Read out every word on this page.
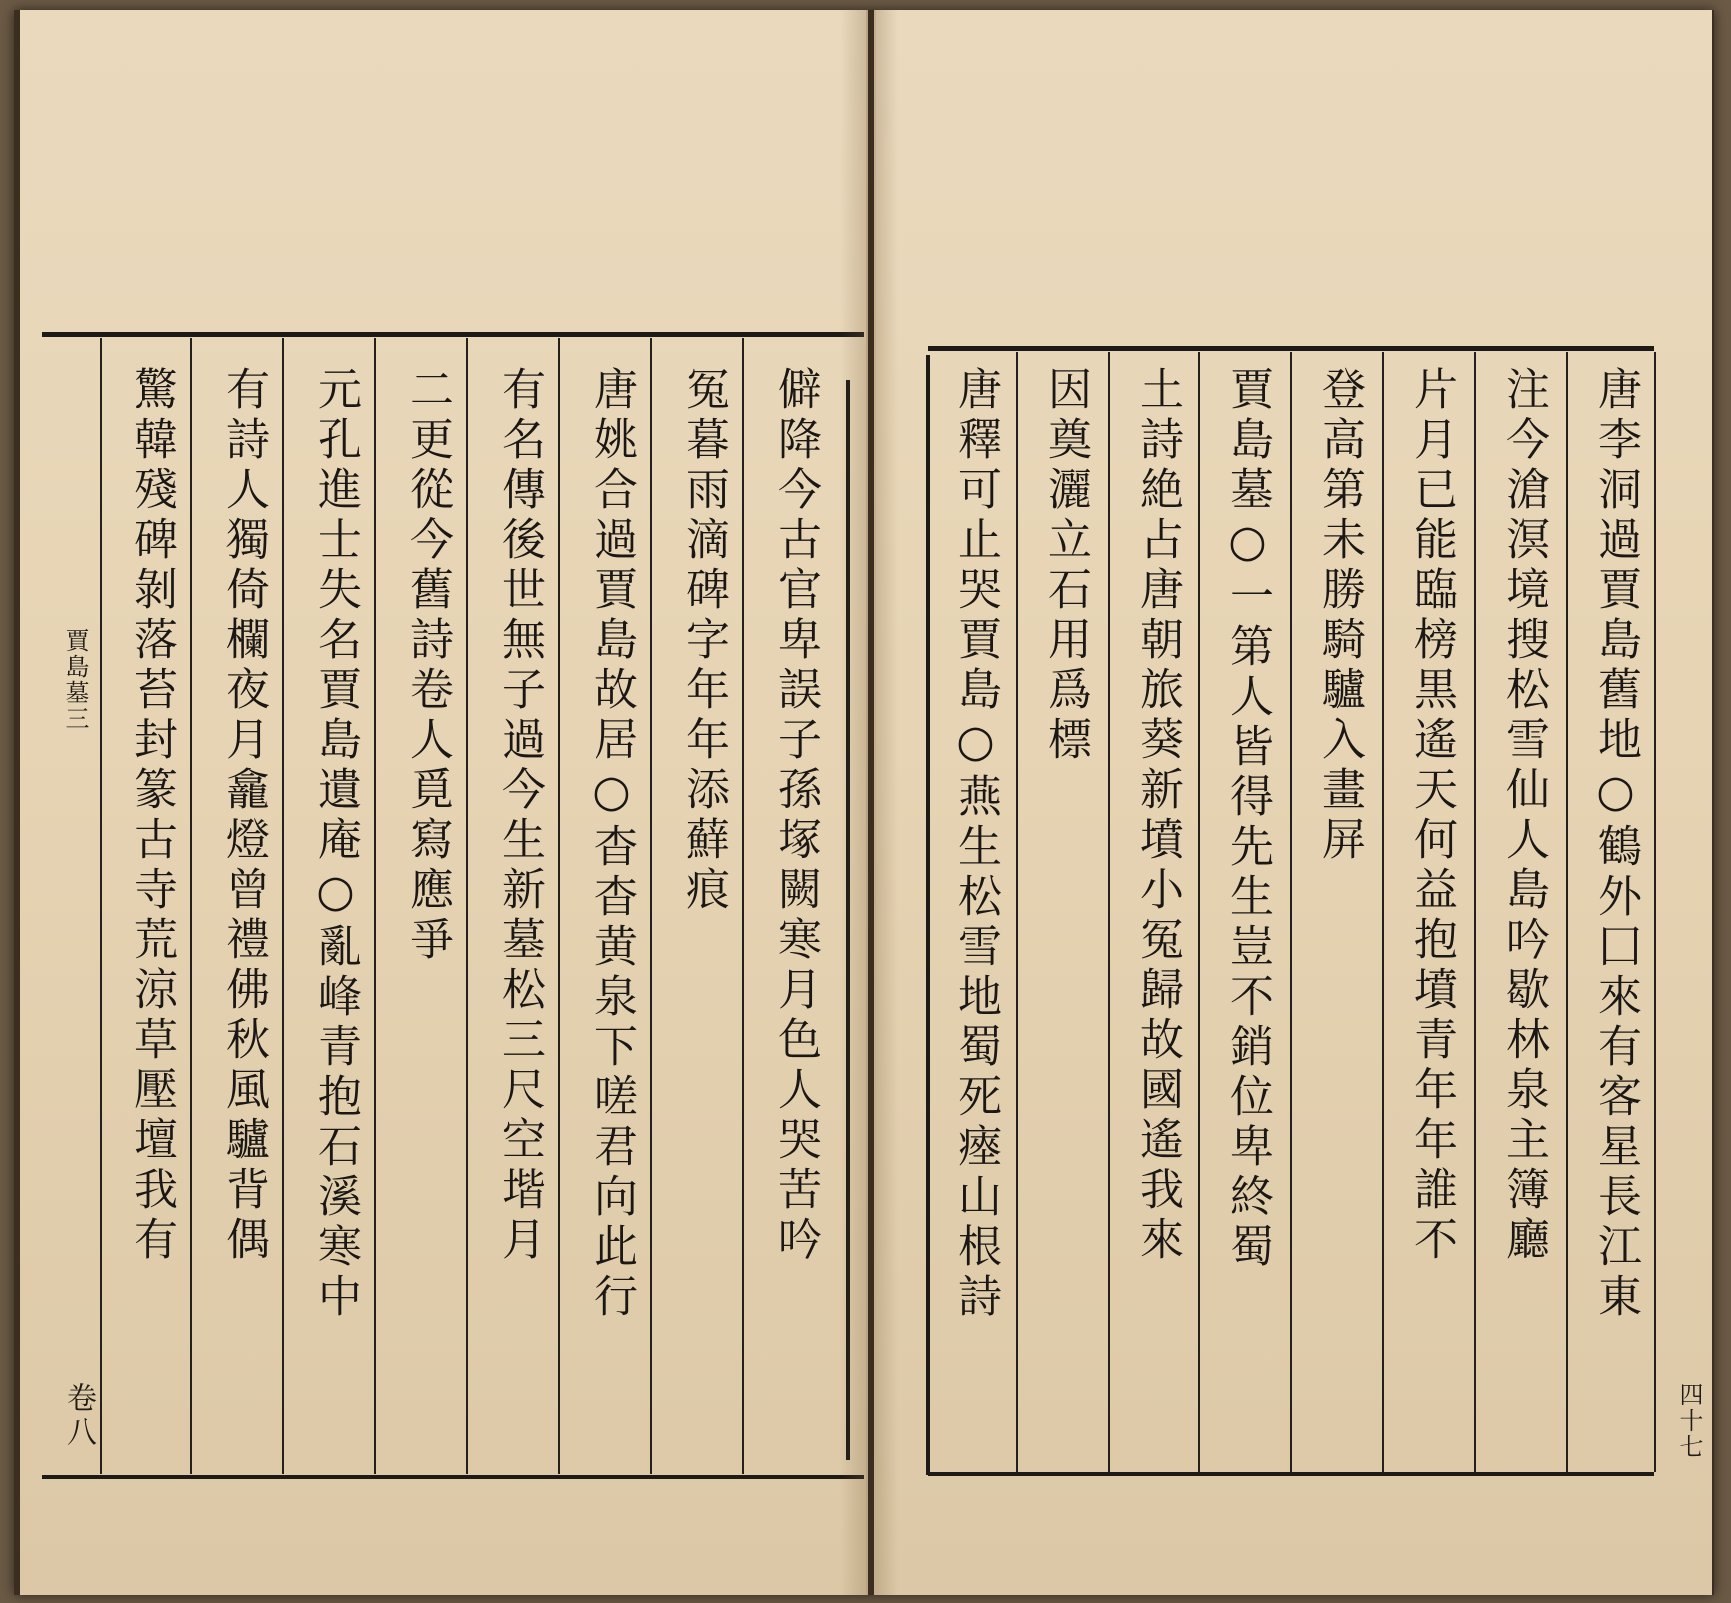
僻降今古官卑誤子孫塚闕寒月色人哭苦吟
冤暮雨滴碑字年年添蘚痕
唐姚合過賈島故居○杳杳黄泉下嗟君向此行
有名傳後世無子過今生新墓松三尺空堦月
二更從今舊詩卷人覓寫應爭
元孔進士失名賈島遺庵○亂峰青抱石溪寒中
有詩人獨倚欄夜月龕燈曾禮佛秋風驢背偶
驚韓殘碑剝落苔封篆古寺荒涼草壓壇我有
賈島墓三
卷八
唐李洞過賈島舊地○鶴外囗來有客星長江東
注今滄溟境搜松雪仙人島吟歇林泉主簿廳
片月已能臨榜黒遙天何益抱墳青年年誰不
登高第未勝騎驢入畫屏
賈島墓○一第人皆得先生豈不銷位卑終蜀
土詩絶占唐朝旅葵新墳小冤歸故國遙我來
因奠灑立石用爲標
唐釋可止哭賈島○燕生松雪地蜀死瘞山根詩
四十七
